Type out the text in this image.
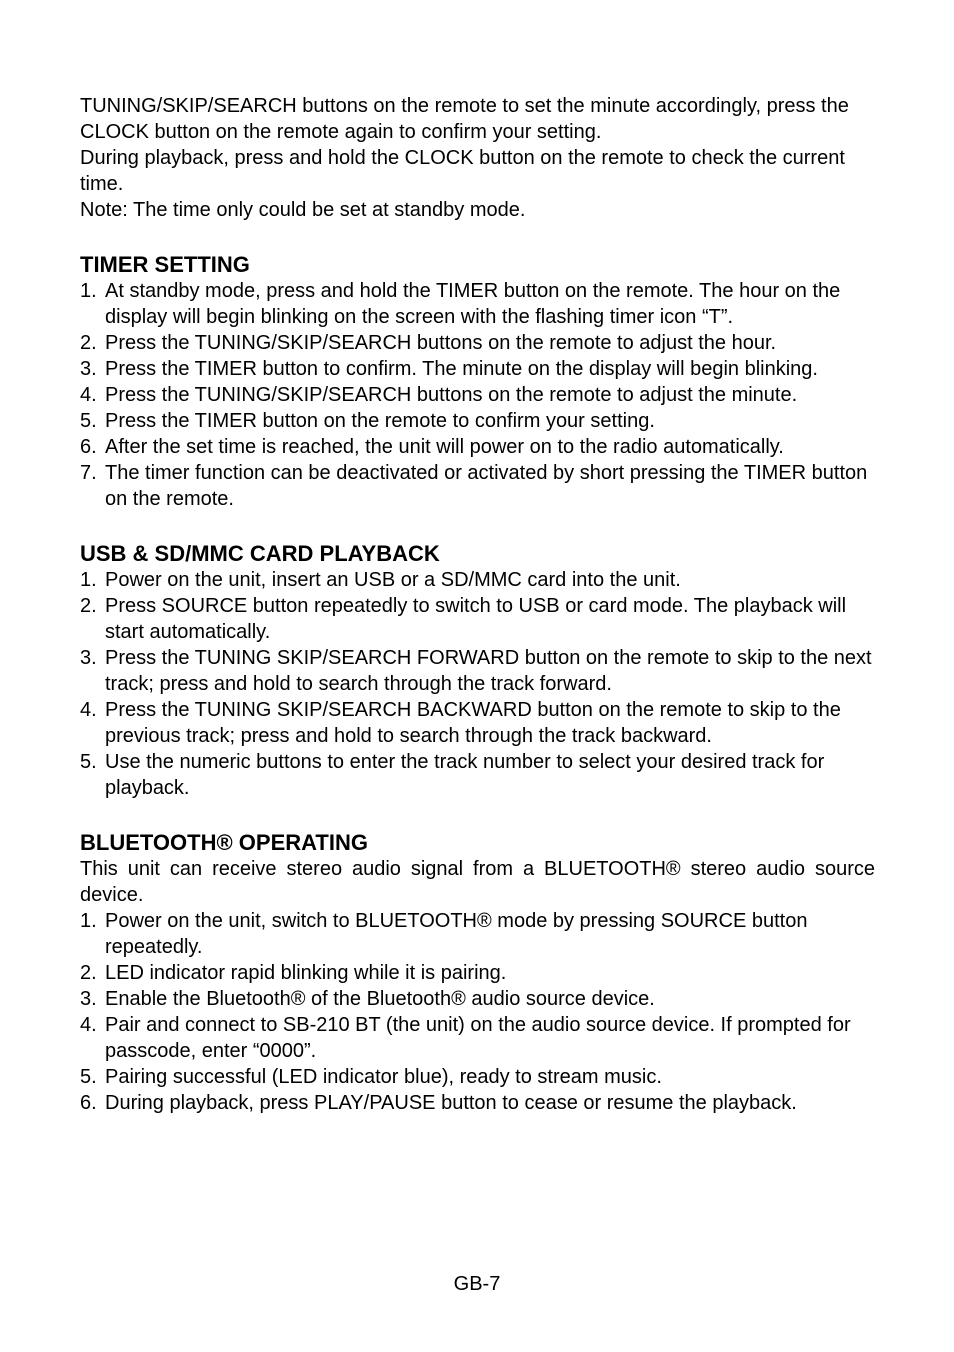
TUNING/SKIP/SEARCH buttons on the remote to set the minute accordingly, press the CLOCK button on the remote again to confirm your setting.

During playback, press and hold the CLOCK button on the remote to check the current time.

Note: The time only could be set at standby mode.

TIMER SETTING
1. At standby mode, press and hold the TIMER button on the remote. The hour on the display will begin blinking on the screen with the flashing timer icon “T”.
2. Press the TUNING/SKIP/SEARCH buttons on the remote to adjust the hour.
3. Press the TIMER button to confirm. The minute on the display will begin blinking.
4. Press the TUNING/SKIP/SEARCH buttons on the remote to adjust the minute.
5. Press the TIMER button on the remote to confirm your setting.
6. After the set time is reached, the unit will power on to the radio automatically.
7. The timer function can be deactivated or activated by short pressing the TIMER button on the remote.
USB & SD/MMC CARD PLAYBACK
1. Power on the unit, insert an USB or a SD/MMC card into the unit.
2. Press SOURCE button repeatedly to switch to USB or card mode. The playback will start automatically.
3. Press the TUNING SKIP/SEARCH FORWARD button on the remote to skip to the next track; press and hold to search through the track forward.
4. Press the TUNING SKIP/SEARCH BACKWARD button on the remote to skip to the previous track; press and hold to search through the track backward.
5. Use the numeric buttons to enter the track number to select your desired track for playback.
BLUETOOTH® OPERATING

This unit can receive stereo audio signal from a BLUETOOTH® stereo audio source device.

1. Power on the unit, switch to BLUETOOTH® mode by pressing SOURCE button repeatedly.
2. LED indicator rapid blinking while it is pairing.
3. Enable the Bluetooth® of the Bluetooth® audio source device.
4. Pair and connect to SB-210 BT (the unit) on the audio source device. If prompted for passcode, enter “0000”.
5. Pairing successful (LED indicator blue), ready to stream music.
6. During playback, press PLAY/PAUSE button to cease or resume the playback.
GB-7
